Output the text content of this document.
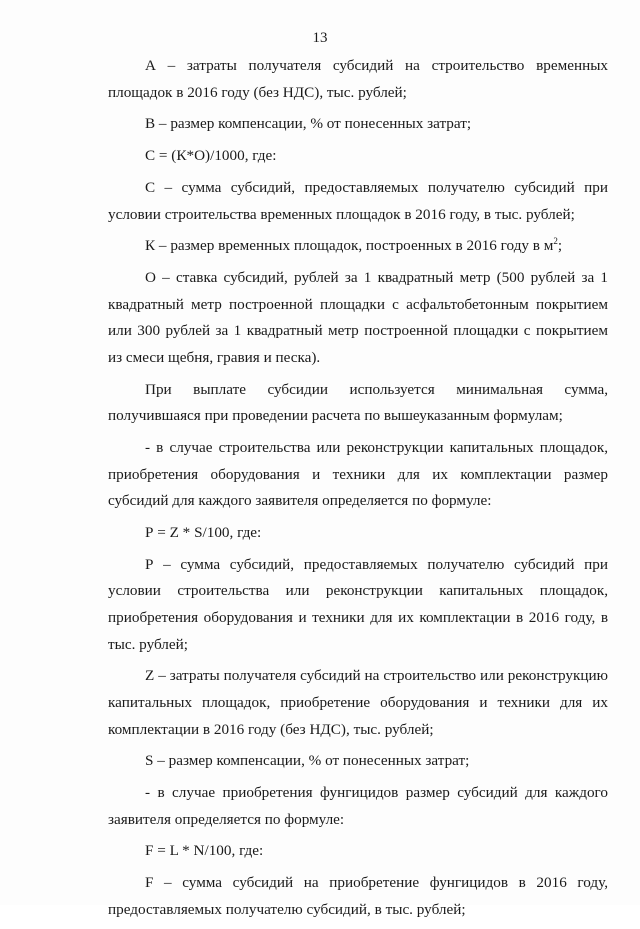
13

А – затраты получателя субсидий на строительство временных площадок в 2016 году (без НДС), тыс. рублей;

В – размер компенсации, % от понесенных затрат;

С = (К*О)/1000, где:

С – сумма субсидий, предоставляемых получателю субсидий при условии строительства временных площадок в 2016 году, в тыс. рублей;

К – размер временных площадок, построенных в 2016 году в $м^2$;

О – ставка субсидий, рублей за 1 квадратный метр (500 рублей за 1 квадратный метр построенной площадки с асфальтобетонным покрытием или 300 рублей за 1 квадратный метр построенной площадки с покрытием из смеси щебня, гравия и песка).

При выплате субсидии используется минимальная сумма, получившаяся при проведении расчета по вышеуказанным формулам;

- в случае строительства или реконструкции капитальных площадок, приобретения оборудования и техники для их комплектации размер субсидий для каждого заявителя определяется по формуле:

Р = Z * S/100, где:

Р – сумма субсидий, предоставляемых получателю субсидий при условии строительства или реконструкции капитальных площадок, приобретения оборудования и техники для их комплектации в 2016 году, в тыс. рублей;

Z – затраты получателя субсидий на строительство или реконструкцию капитальных площадок, приобретение оборудования и техники для их комплектации в 2016 году (без НДС), тыс. рублей;

S – размер компенсации, % от понесенных затрат;

- в случае приобретения фунгицидов размер субсидий для каждого заявителя определяется по формуле:

F = L * N/100, где:

F – сумма субсидий на приобретение фунгицидов в 2016 году, предоставляемых получателю субсидий, в тыс. рублей;
